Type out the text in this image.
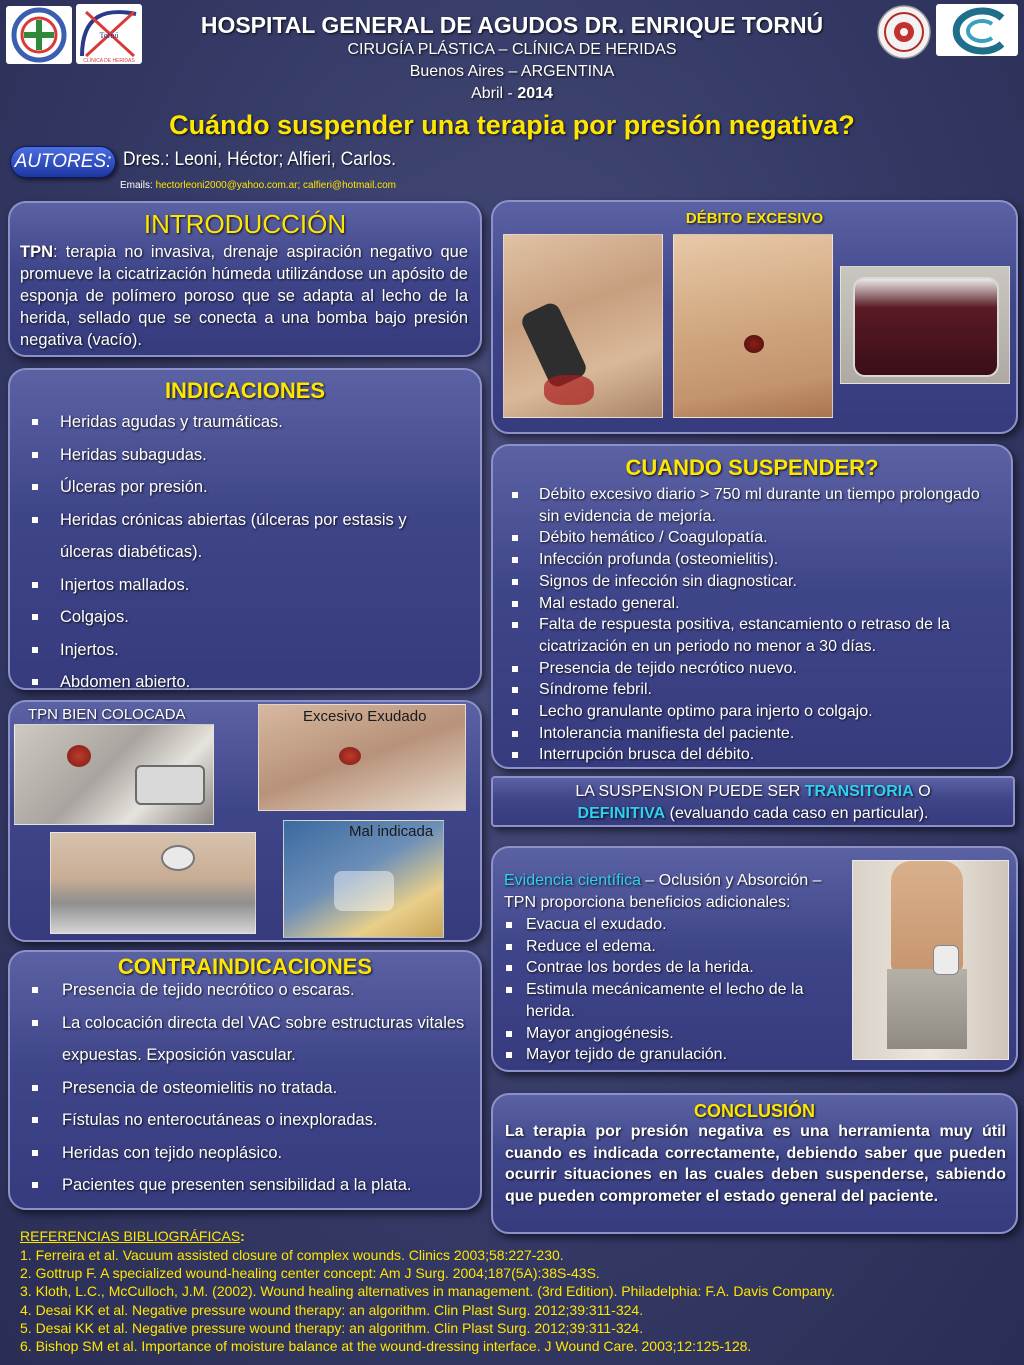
Tornú
CLÍNICA DE HERIDAS
HOSPITAL GENERAL DE AGUDOS DR. ENRIQUE TORNÚ
CIRUGÍA PLÁSTICA – CLÍNICA DE HERIDAS
Buenos Aires – ARGENTINA
Abril - 2014
Cuándo suspender una terapia por presión negativa?
AUTORES: Dres.: Leoni, Héctor; Alfieri, Carlos.
Emails: hectorleoni2000@yahoo.com.ar; calfieri@hotmail.com
INTRODUCCIÓN
TPN: terapia no invasiva, drenaje aspiración negativo que promueve la cicatrización húmeda utilizándose un apósito de esponja de polímero poroso que se adapta al lecho de la herida, sellado que se conecta a una bomba bajo presión negativa (vacío).
INDICACIONES
Heridas agudas y traumáticas.
Heridas subagudas.
Úlceras por presión.
Heridas crónicas abiertas (úlceras por estasis y úlceras diabéticas).
Injertos mallados.
Colgajos.
Injertos.
Abdomen abierto.
TPN BIEN COLOCADA	Excesivo Exudado
Mal indicada
CONTRAINDICACIONES
Presencia de tejido necrótico o escaras.
La colocación directa del VAC sobre estructuras vitales expuestas. Exposición vascular.
Presencia de osteomielitis no tratada.
Fístulas no enterocutáneas o inexploradas.
Heridas con tejido neoplásico.
Pacientes que presenten sensibilidad a la plata.
DÉBITO EXCESIVO
CUANDO SUSPENDER?
Débito excesivo diario > 750 ml durante un tiempo prolongado sin evidencia de mejoría.
Débito hemático / Coagulopatía.
Infección profunda (osteomielitis).
Signos de infección sin diagnosticar.
Mal estado general.
Falta de respuesta positiva, estancamiento o retraso de la cicatrización en un periodo no menor a 30 días.
Presencia de tejido necrótico nuevo.
Síndrome febril.
Lecho granulante optimo para injerto o colgajo.
Intolerancia manifiesta del paciente.
Interrupción brusca del débito.
LA SUSPENSION PUEDE SER TRANSITORIA O
DEFINITIVA (evaluando cada caso en particular).
Evidencia científica – Oclusión y Absorción – TPN proporciona beneficios adicionales:
Evacua el exudado.
Reduce el edema.
Contrae los bordes de la herida.
Estimula mecánicamente el lecho de la herida.
Mayor angiogénesis.
Mayor tejido de granulación.
CONCLUSIÓN
La terapia por presión negativa es una herramienta muy útil cuando es indicada correctamente, debiendo saber que pueden ocurrir situaciones en las cuales deben suspenderse, sabiendo que pueden comprometer el estado general del paciente.
REFERENCIAS BIBLIOGRÁFICAS:
1. Ferreira et al. Vacuum assisted closure of complex wounds. Clinics 2003;58:227-230.
2. Gottrup F. A specialized wound-healing center concept: Am J Surg. 2004;187(5A):38S-43S.
3. Kloth, L.C., McCulloch, J.M. (2002). Wound healing alternatives in management. (3rd Edition). Philadelphia: F.A. Davis Company.
4. Desai KK et al. Negative pressure wound therapy: an algorithm. Clin Plast Surg. 2012;39:311-324.
5. Desai KK et al. Negative pressure wound therapy: an algorithm. Clin Plast Surg. 2012;39:311-324.
6. Bishop SM et al. Importance of moisture balance at the wound-dressing interface. J Wound Care. 2003;12:125-128.
